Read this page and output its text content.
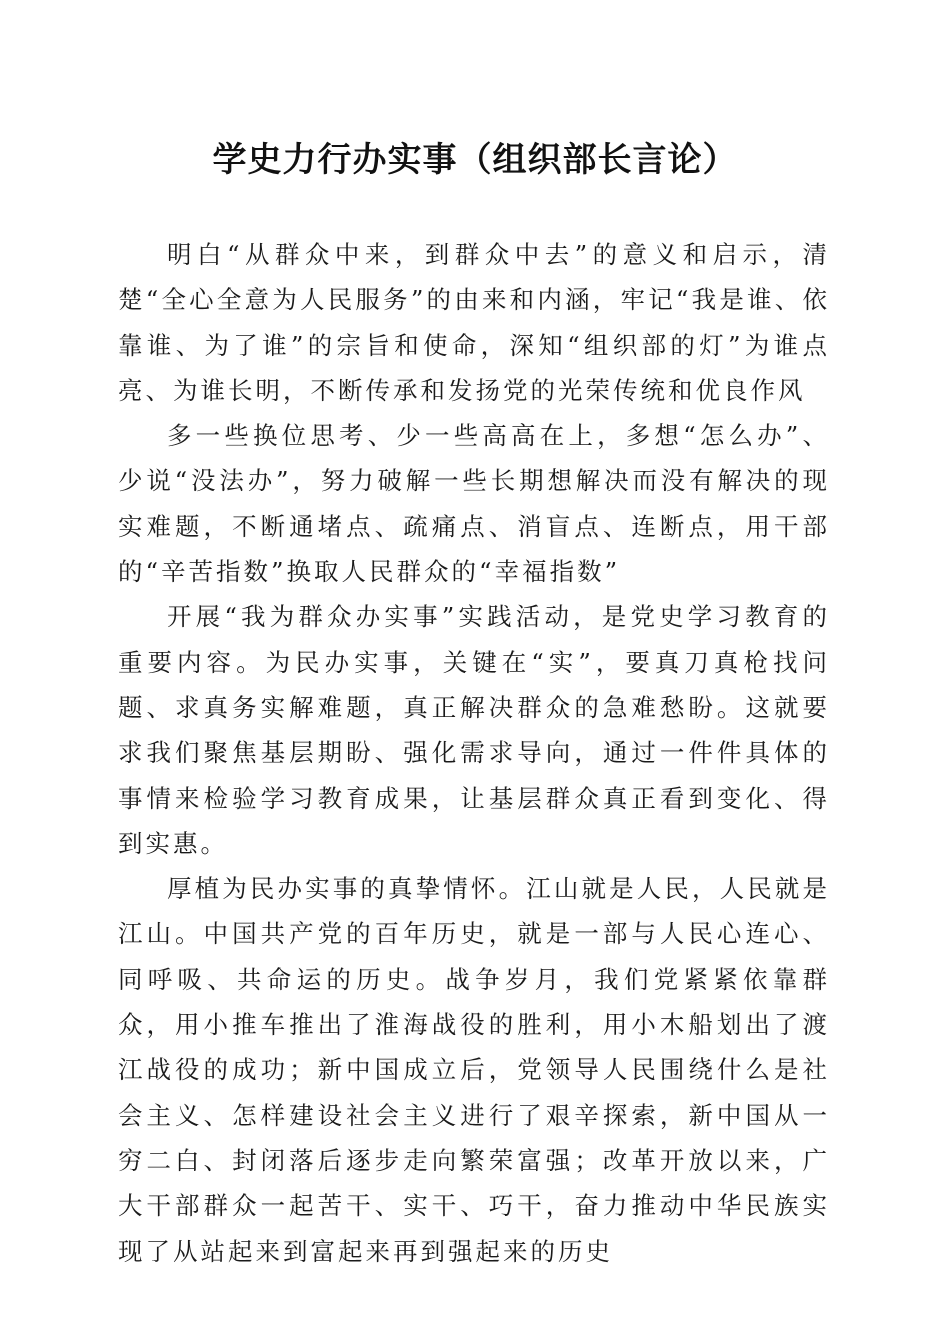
学史力行办实事（组织部长言论）

明白“从群众中来，到群众中去”的意义和启示，清楚“全心全意为人民服务”的由来和内涵，牢记“我是谁、依靠谁、为了谁”的宗旨和使命，深知“组织部的灯”为谁点亮、为谁长明，不断传承和发扬党的光荣传统和优良作风

多一些换位思考、少一些高高在上，多想“怎么办”、少说“没法办”，努力破解一些长期想解决而没有解决的现实难题，不断通堵点、疏痛点、消盲点、连断点，用干部的“辛苦指数”换取人民群众的“幸福指数”

开展“我为群众办实事”实践活动，是党史学习教育的重要内容。为民办实事，关键在“实”，要真刀真枪找问题、求真务实解难题，真正解决群众的急难愁盼。这就要求我们聚焦基层期盼、强化需求导向，通过一件件具体的事情来检验学习教育成果，让基层群众真正看到变化、得到实惠。

厚植为民办实事的真挚情怀。江山就是人民，人民就是江山。中国共产党的百年历史，就是一部与人民心连心、同呼吸、共命运的历史。战争岁月，我们党紧紧依靠群众，用小推车推出了淮海战役的胜利，用小木船划出了渡江战役的成功；新中国成立后，党领导人民围绕什么是社会主义、怎样建设社会主义进行了艰辛探索，新中国从一穷二白、封闭落后逐步走向繁荣富强；改革开放以来，广大干部群众一起苦干、实干、巧干，奋力推动中华民族实现了从站起来到富起来再到强起来的历史
